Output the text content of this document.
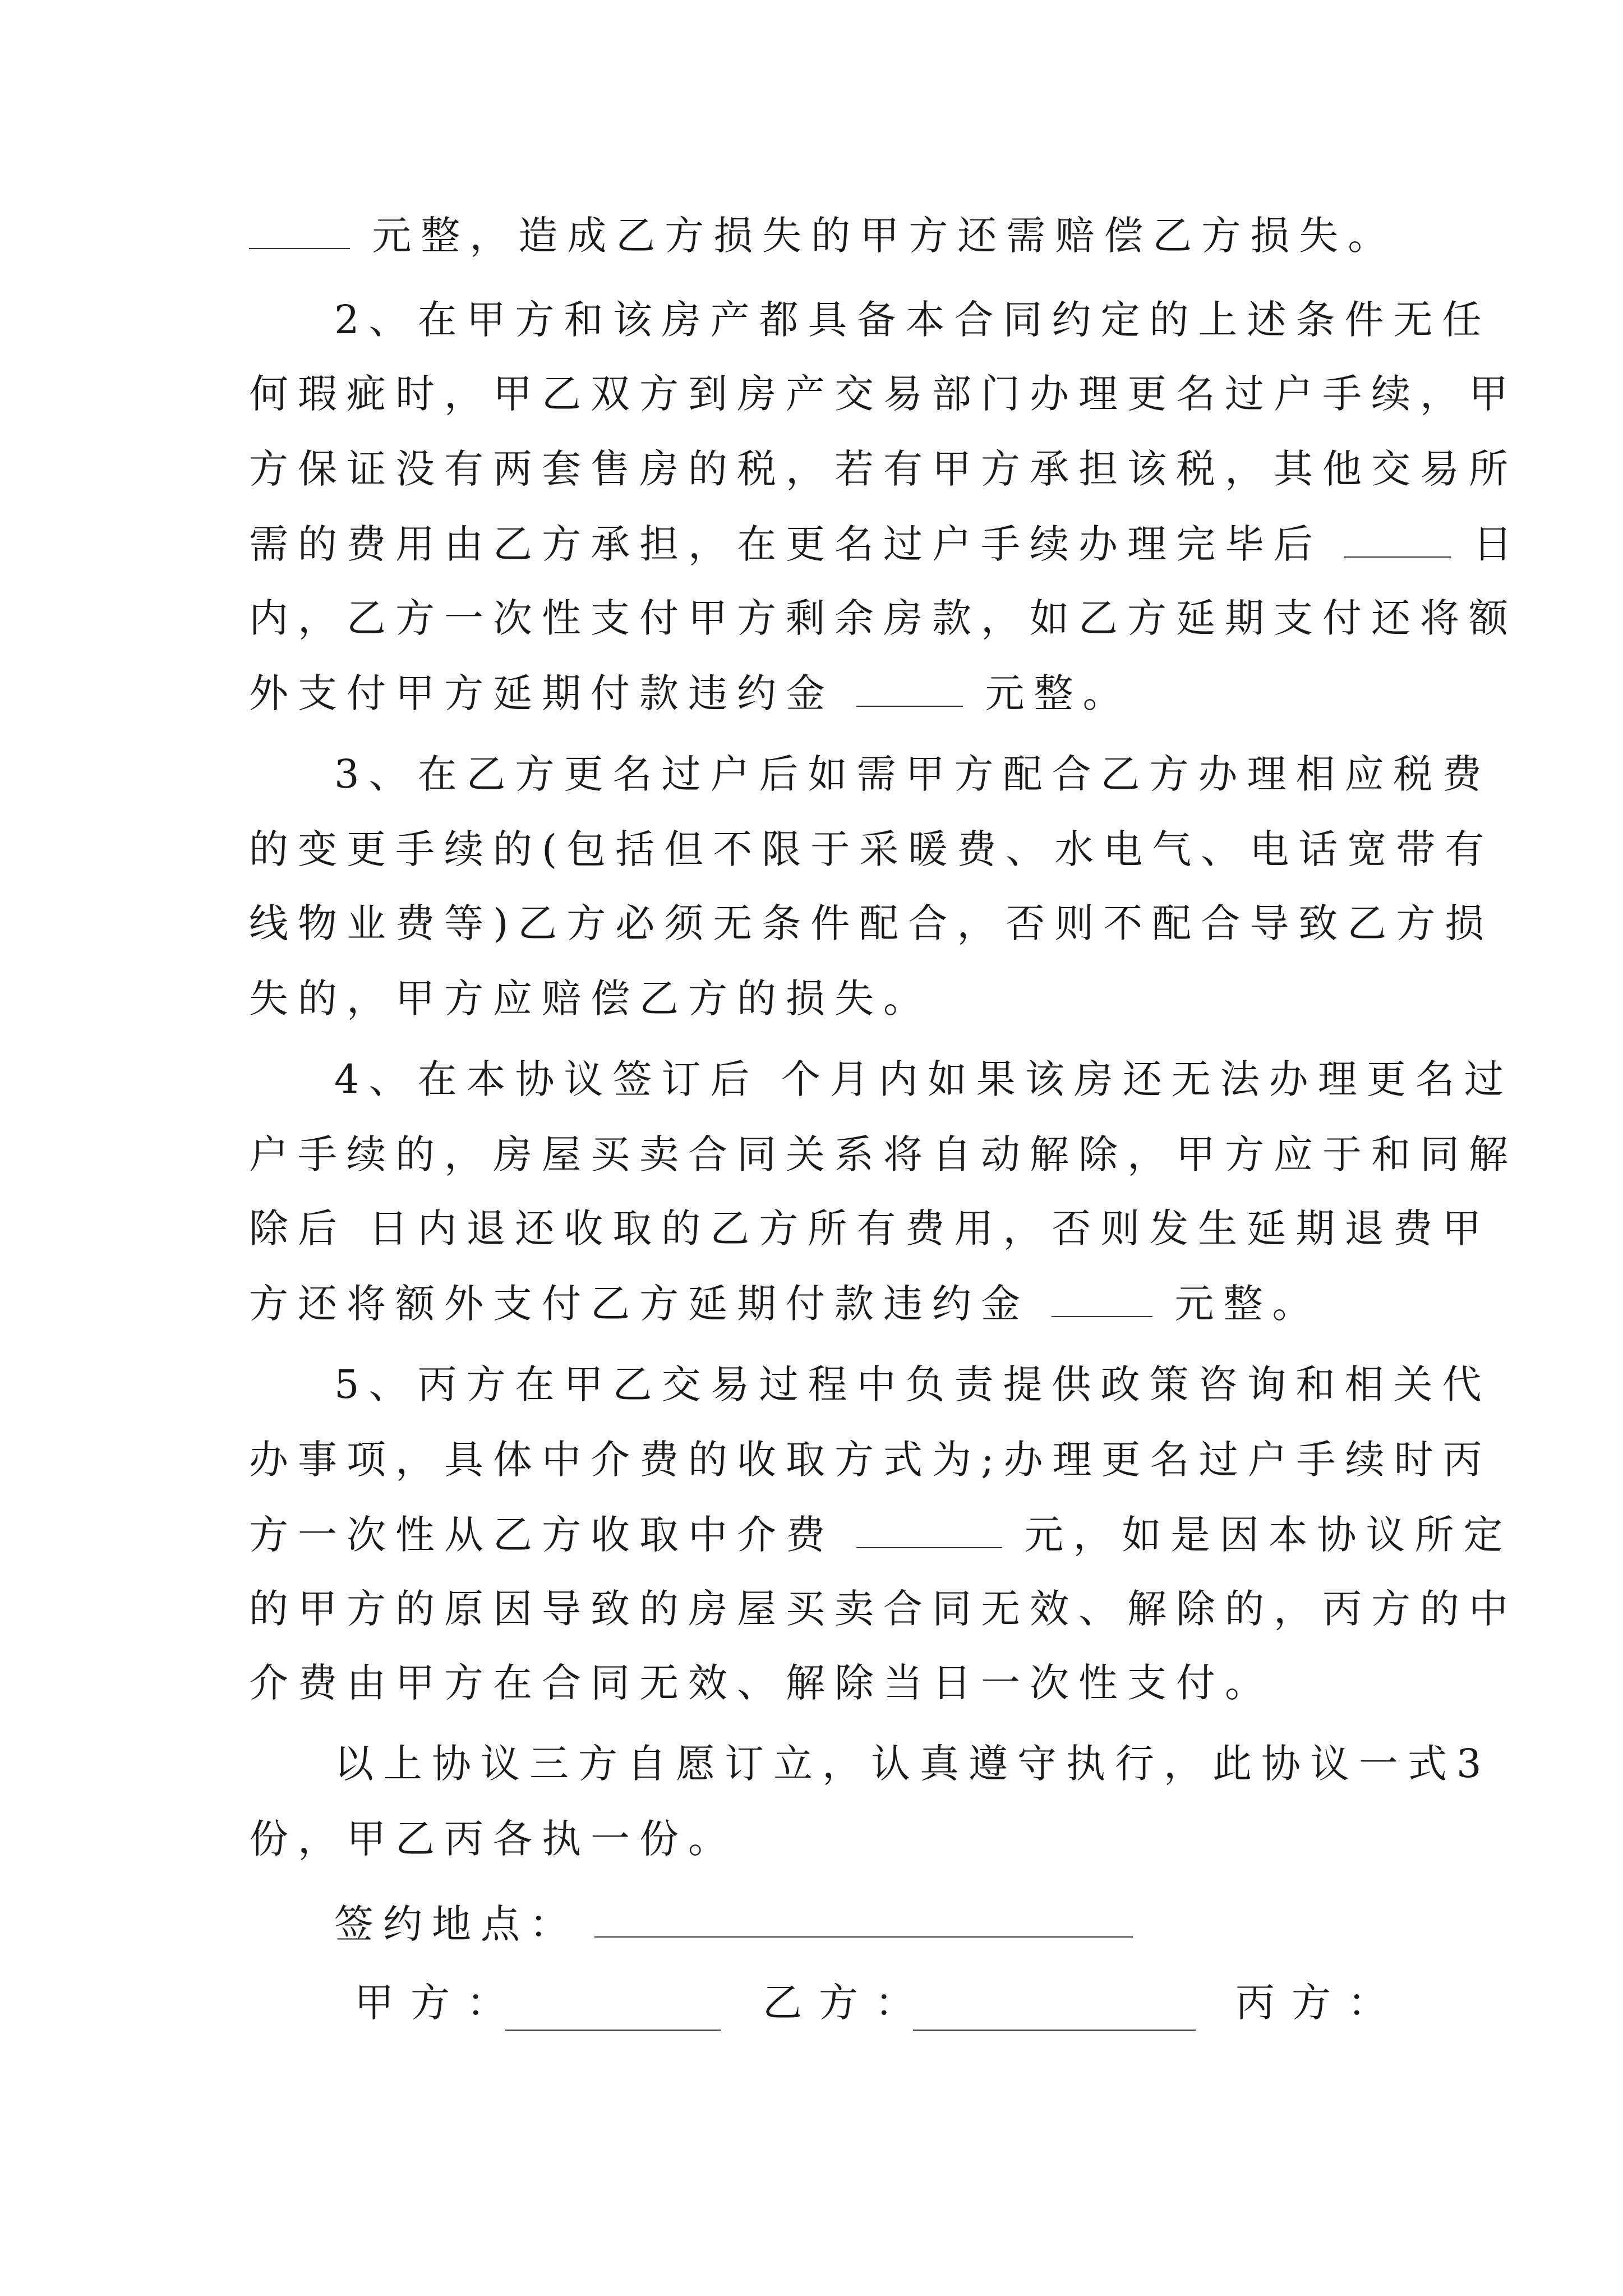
元整，造成乙方损失的甲方还需赔偿乙方损失。
2、在甲方和该房产都具备本合同约定的上述条件无任
何瑕疵时，甲乙双方到房产交易部门办理更名过户手续，甲
方保证没有两套售房的税，若有甲方承担该税，其他交易所
需的费用由乙方承担，在更名过户手续办理完毕后	日
内，乙方一次性支付甲方剩余房款，如乙方延期支付还将额
外支付甲方延期付款违约金	元整。
3、在乙方更名过户后如需甲方配合乙方办理相应税费
的变更手续的(包括但不限于采暖费、水电气、电话宽带有
线物业费等)乙方必须无条件配合，否则不配合导致乙方损
失的，甲方应赔偿乙方的损失。
4、在本协议签订后 个月内如果该房还无法办理更名过
户手续的，房屋买卖合同关系将自动解除，甲方应于和同解
除后 日内退还收取的乙方所有费用，否则发生延期退费甲
方还将额外支付乙方延期付款违约金	元整。
5、丙方在甲乙交易过程中负责提供政策咨询和相关代
办事项，具体中介费的收取方式为;办理更名过户手续时丙
方一次性从乙方收取中介费	元，如是因本协议所定
的甲方的原因导致的房屋买卖合同无效、解除的，丙方的中
介费由甲方在合同无效、解除当日一次性支付。
以上协议三方自愿订立，认真遵守执行，此协议一式3
份，甲乙丙各执一份。
签约地点：
甲方：	乙方：	丙方：
